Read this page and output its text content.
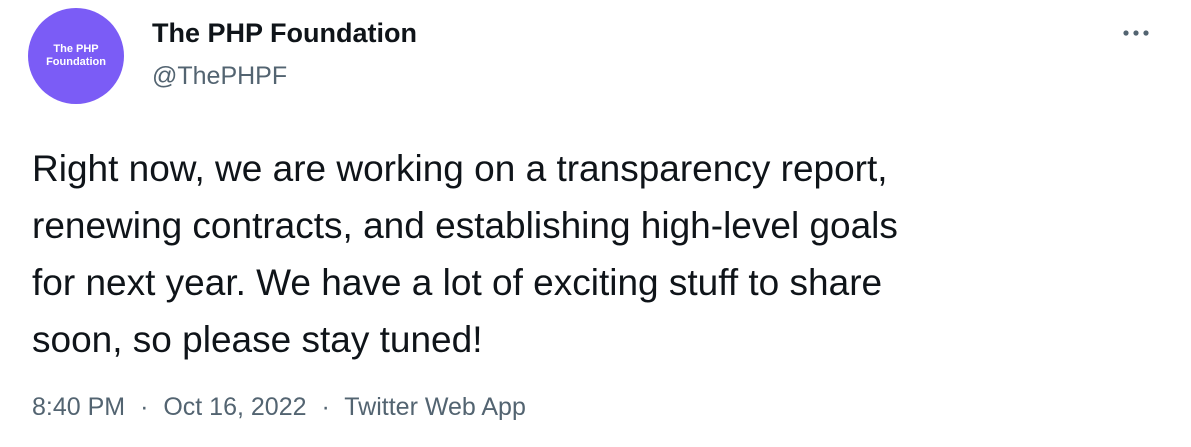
The PHP
Foundation
The PHP Foundation
@ThePHPF
Right now, we are working on a transparency report,
renewing contracts, and establishing high-level goals
for next year. We have a lot of exciting stuff to share
soon, so please stay tuned!
8:40 PM · Oct 16, 2022 · Twitter Web App
